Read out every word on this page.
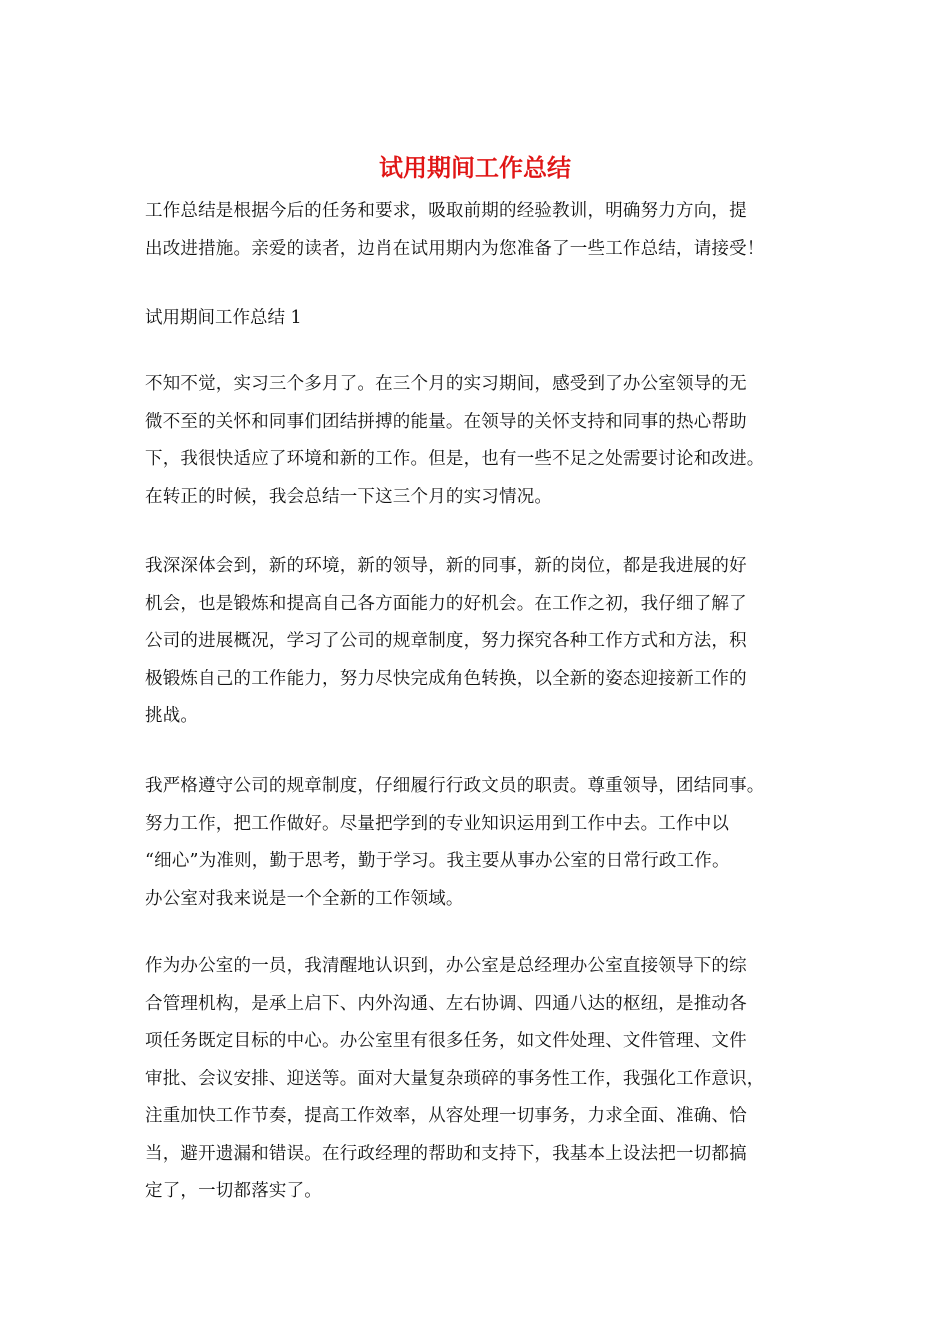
试用期间工作总结

工作总结是根据今后的任务和要求，吸取前期的经验教训，明确努力方向，提
出改进措施。亲爱的读者，边肖在试用期内为您准备了一些工作总结，请接受！

试用期间工作总结 1

不知不觉，实习三个多月了。在三个月的实习期间，感受到了办公室领导的无
微不至的关怀和同事们团结拼搏的能量。在领导的关怀支持和同事的热心帮助
下，我很快适应了环境和新的工作。但是，也有一些不足之处需要讨论和改进。
在转正的时候，我会总结一下这三个月的实习情况。

我深深体会到，新的环境，新的领导，新的同事，新的岗位，都是我进展的好
机会，也是锻炼和提高自己各方面能力的好机会。在工作之初，我仔细了解了
公司的进展概况，学习了公司的规章制度，努力探究各种工作方式和方法，积
极锻炼自己的工作能力，努力尽快完成角色转换，以全新的姿态迎接新工作的
挑战。

我严格遵守公司的规章制度，仔细履行行政文员的职责。尊重领导，团结同事。
努力工作，把工作做好。尽量把学到的专业知识运用到工作中去。工作中以
“细心”为准则，勤于思考，勤于学习。我主要从事办公室的日常行政工作。
办公室对我来说是一个全新的工作领域。

作为办公室的一员，我清醒地认识到，办公室是总经理办公室直接领导下的综
合管理机构，是承上启下、内外沟通、左右协调、四通八达的枢纽，是推动各
项任务既定目标的中心。办公室里有很多任务，如文件处理、文件管理、文件
审批、会议安排、迎送等。面对大量复杂琐碎的事务性工作，我强化工作意识，
注重加快工作节奏，提高工作效率，从容处理一切事务，力求全面、准确、恰
当，避开遗漏和错误。在行政经理的帮助和支持下，我基本上设法把一切都搞
定了，一切都落实了。
